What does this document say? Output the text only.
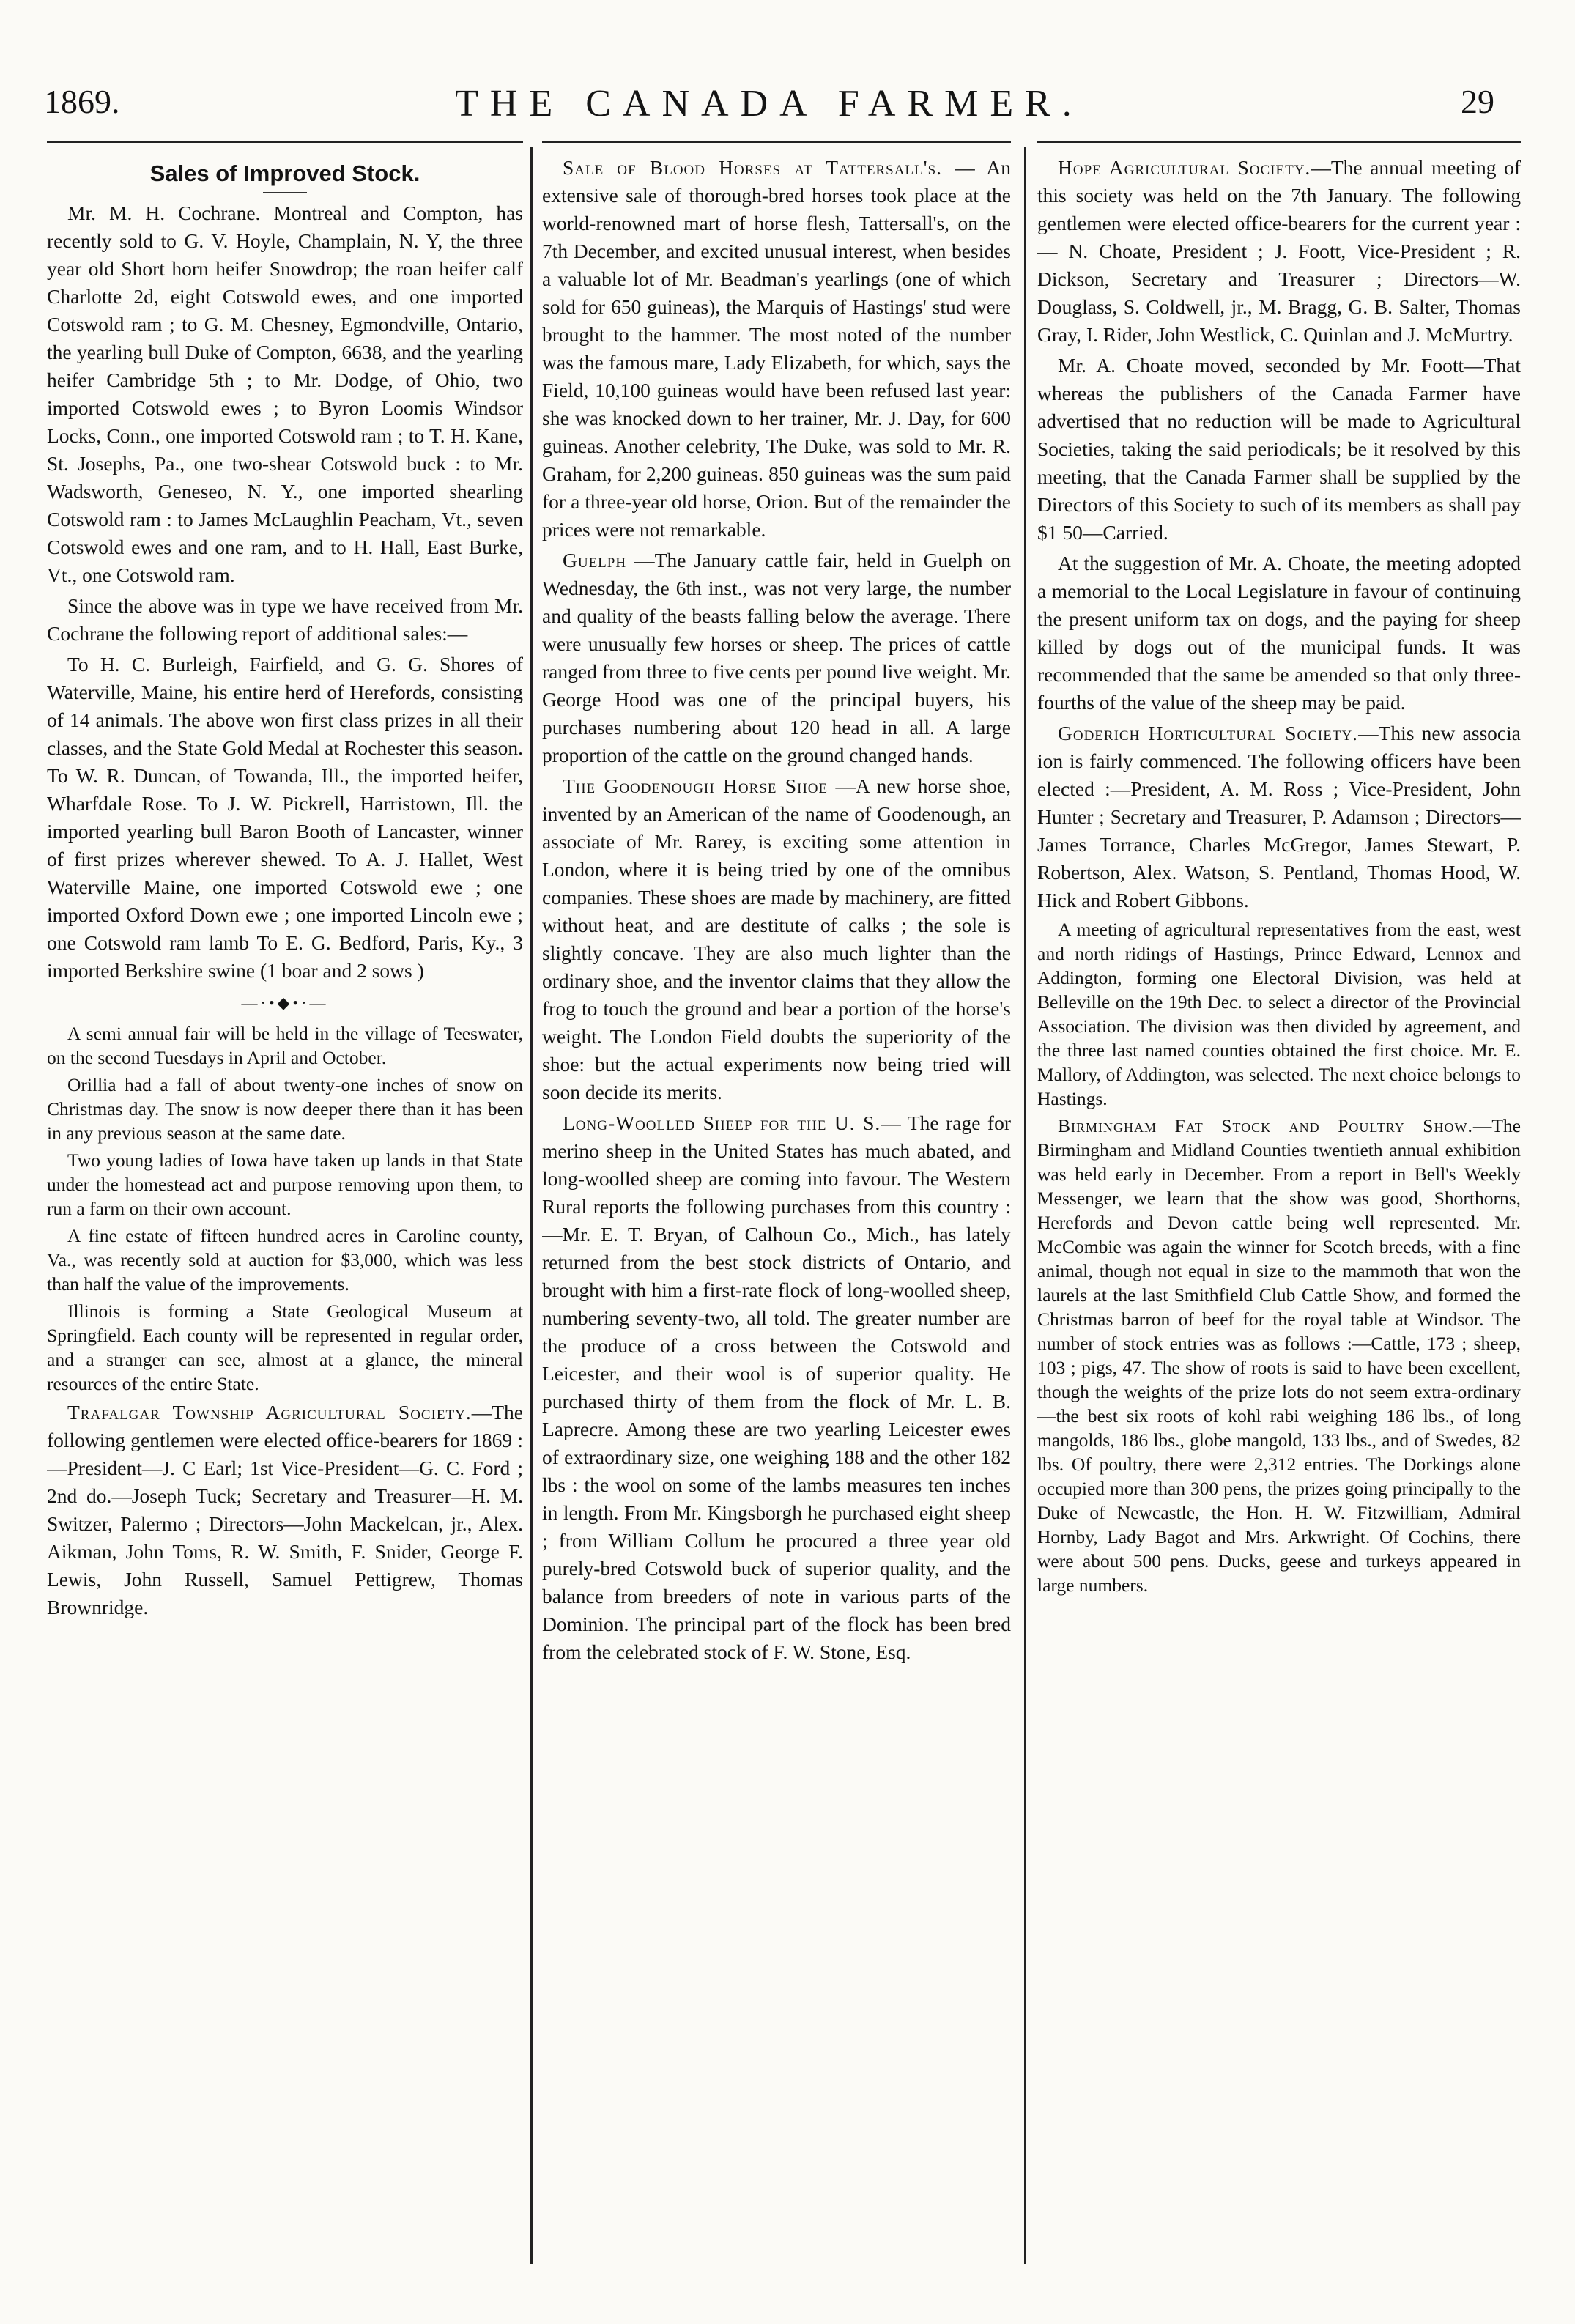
1869.	THE CANADA FARMER.	29
Sales of Improved Stock.

Mr. M. H. Cochrane. Montreal and Compton, has recently sold to G. V. Hoyle, Champlain, N. Y, the three year old Short horn heifer Snowdrop; the roan heifer calf Charlotte 2d, eight Cotswold ewes, and one imported Cotswold ram ; to G. M. Chesney, Egmondville, Ontario, the yearling bull Duke of Compton, 6638, and the yearling heifer Cambridge 5th ; to Mr. Dodge, of Ohio, two imported Cotswold ewes ; to Byron Loomis Windsor Locks, Conn., one imported Cotswold ram ; to T. H. Kane, St. Josephs, Pa., one two-shear Cotswold buck : to Mr. Wadsworth, Geneseo, N. Y., one imported shearling Cotswold ram : to James McLaughlin Peacham, Vt., seven Cotswold ewes and one ram, and to H. Hall, East Burke, Vt., one Cotswold ram.

Since the above was in type we have received from Mr. Cochrane the following report of additional sales:—

To H. C. Burleigh, Fairfield, and G. G. Shores of Waterville, Maine, his entire herd of Herefords, consisting of 14 animals. The above won first class prizes in all their classes, and the State Gold Medal at Rochester this season. To W. R. Duncan, of Towanda, Ill., the imported heifer, Wharfdale Rose. To J. W. Pickrell, Harristown, Ill. the imported yearling bull Baron Booth of Lancaster, winner of first prizes wherever shewed. To A. J. Hallet, West Waterville Maine, one imported Cotswold ewe ; one imported Oxford Down ewe ; one imported Lincoln ewe ; one Cotswold ram lamb To E. G. Bedford, Paris, Ky., 3 imported Berkshire swine (1 boar and 2 sows )

—·•◆•·—

A semi annual fair will be held in the village of Teeswater, on the second Tuesdays in April and October.

Orillia had a fall of about twenty-one inches of snow on Christmas day. The snow is now deeper there than it has been in any previous season at the same date.

Two young ladies of Iowa have taken up lands in that State under the homestead act and purpose removing upon them, to run a farm on their own account.

A fine estate of fifteen hundred acres in Caroline county, Va., was recently sold at auction for $3,000, which was less than half the value of the improvements.

Illinois is forming a State Geological Museum at Springfield. Each county will be represented in regular order, and a stranger can see, almost at a glance, the mineral resources of the entire State.

Trafalgar Township Agricultural Society.—The following gentlemen were elected office-bearers for 1869 :—President—J. C Earl; 1st Vice-President—G. C. Ford ; 2nd do.—Joseph Tuck; Secretary and Treasurer—H. M. Switzer, Palermo ; Directors—John Mackelcan, jr., Alex. Aikman, John Toms, R. W. Smith, F. Snider, George F. Lewis, John Russell, Samuel Pettigrew, Thomas Brownridge.

Sale of Blood Horses at Tattersall's. — An extensive sale of thorough-bred horses took place at the world-renowned mart of horse flesh, Tattersall's, on the 7th December, and excited unusual interest, when besides a valuable lot of Mr. Beadman's yearlings (one of which sold for 650 guineas), the Marquis of Hastings' stud were brought to the hammer. The most noted of the number was the famous mare, Lady Elizabeth, for which, says the Field, 10,100 guineas would have been refused last year: she was knocked down to her trainer, Mr. J. Day, for 600 guineas. Another celebrity, The Duke, was sold to Mr. R. Graham, for 2,200 guineas. 850 guineas was the sum paid for a three-year old horse, Orion. But of the remainder the prices were not remarkable.

Guelph —The January cattle fair, held in Guelph on Wednesday, the 6th inst., was not very large, the number and quality of the beasts falling below the average. There were unusually few horses or sheep. The prices of cattle ranged from three to five cents per pound live weight. Mr. George Hood was one of the principal buyers, his purchases numbering about 120 head in all. A large proportion of the cattle on the ground changed hands.

The Goodenough Horse Shoe —A new horse shoe, invented by an American of the name of Goodenough, an associate of Mr. Rarey, is exciting some attention in London, where it is being tried by one of the omnibus companies. These shoes are made by machinery, are fitted without heat, and are destitute of calks ; the sole is slightly concave. They are also much lighter than the ordinary shoe, and the inventor claims that they allow the frog to touch the ground and bear a portion of the horse's weight. The London Field doubts the superiority of the shoe: but the actual experiments now being tried will soon decide its merits.

Long-Woolled Sheep for the U. S.— The rage for merino sheep in the United States has much abated, and long-woolled sheep are coming into favour. The Western Rural reports the following purchases from this country :—Mr. E. T. Bryan, of Calhoun Co., Mich., has lately returned from the best stock districts of Ontario, and brought with him a first-rate flock of long-woolled sheep, numbering seventy-two, all told. The greater number are the produce of a cross between the Cotswold and Leicester, and their wool is of superior quality. He purchased thirty of them from the flock of Mr. L. B. Laprecre. Among these are two yearling Leicester ewes of extraordinary size, one weighing 188 and the other 182 lbs : the wool on some of the lambs measures ten inches in length. From Mr. Kingsborgh he purchased eight sheep ; from William Collum he procured a three year old purely-bred Cotswold buck of superior quality, and the balance from breeders of note in various parts of the Dominion. The principal part of the flock has been bred from the celebrated stock of F. W. Stone, Esq.

Hope Agricultural Society.—The annual meeting of this society was held on the 7th January. The following gentlemen were elected office-bearers for the current year :— N. Choate, President ; J. Foott, Vice-President ; R. Dickson, Secretary and Treasurer ; Directors—W. Douglass, S. Coldwell, jr., M. Bragg, G. B. Salter, Thomas Gray, I. Rider, John Westlick, C. Quinlan and J. McMurtry.

Mr. A. Choate moved, seconded by Mr. Foott—That whereas the publishers of the Canada Farmer have advertised that no reduction will be made to Agricultural Societies, taking the said periodicals; be it resolved by this meeting, that the Canada Farmer shall be supplied by the Directors of this Society to such of its members as shall pay $1 50—Carried.

At the suggestion of Mr. A. Choate, the meeting adopted a memorial to the Local Legislature in favour of continuing the present uniform tax on dogs, and the paying for sheep killed by dogs out of the municipal funds. It was recommended that the same be amended so that only three-fourths of the value of the sheep may be paid.

Goderich Horticultural Society.—This new associa ion is fairly commenced. The following officers have been elected :—President, A. M. Ross ; Vice-President, John Hunter ; Secretary and Treasurer, P. Adamson ; Directors—James Torrance, Charles McGregor, James Stewart, P. Robertson, Alex. Watson, S. Pentland, Thomas Hood, W. Hick and Robert Gibbons.

A meeting of agricultural representatives from the east, west and north ridings of Hastings, Prince Edward, Lennox and Addington, forming one Electoral Division, was held at Belleville on the 19th Dec. to select a director of the Provincial Association. The division was then divided by agreement, and the three last named counties obtained the first choice. Mr. E. Mallory, of Addington, was selected. The next choice belongs to Hastings.

Birmingham Fat Stock and Poultry Show.—The Birmingham and Midland Counties twentieth annual exhibition was held early in December. From a report in Bell's Weekly Messenger, we learn that the show was good, Shorthorns, Herefords and Devon cattle being well represented. Mr. McCombie was again the winner for Scotch breeds, with a fine animal, though not equal in size to the mammoth that won the laurels at the last Smithfield Club Cattle Show, and formed the Christmas barron of beef for the royal table at Windsor. The number of stock entries was as follows :—Cattle, 173 ; sheep, 103 ; pigs, 47. The show of roots is said to have been excellent, though the weights of the prize lots do not seem extra-ordinary—the best six roots of kohl rabi weighing 186 lbs., of long mangolds, 186 lbs., globe mangold, 133 lbs., and of Swedes, 82 lbs. Of poultry, there were 2,312 entries. The Dorkings alone occupied more than 300 pens, the prizes going principally to the Duke of Newcastle, the Hon. H. W. Fitzwilliam, Admiral Hornby, Lady Bagot and Mrs. Arkwright. Of Cochins, there were about 500 pens. Ducks, geese and turkeys appeared in large numbers.
